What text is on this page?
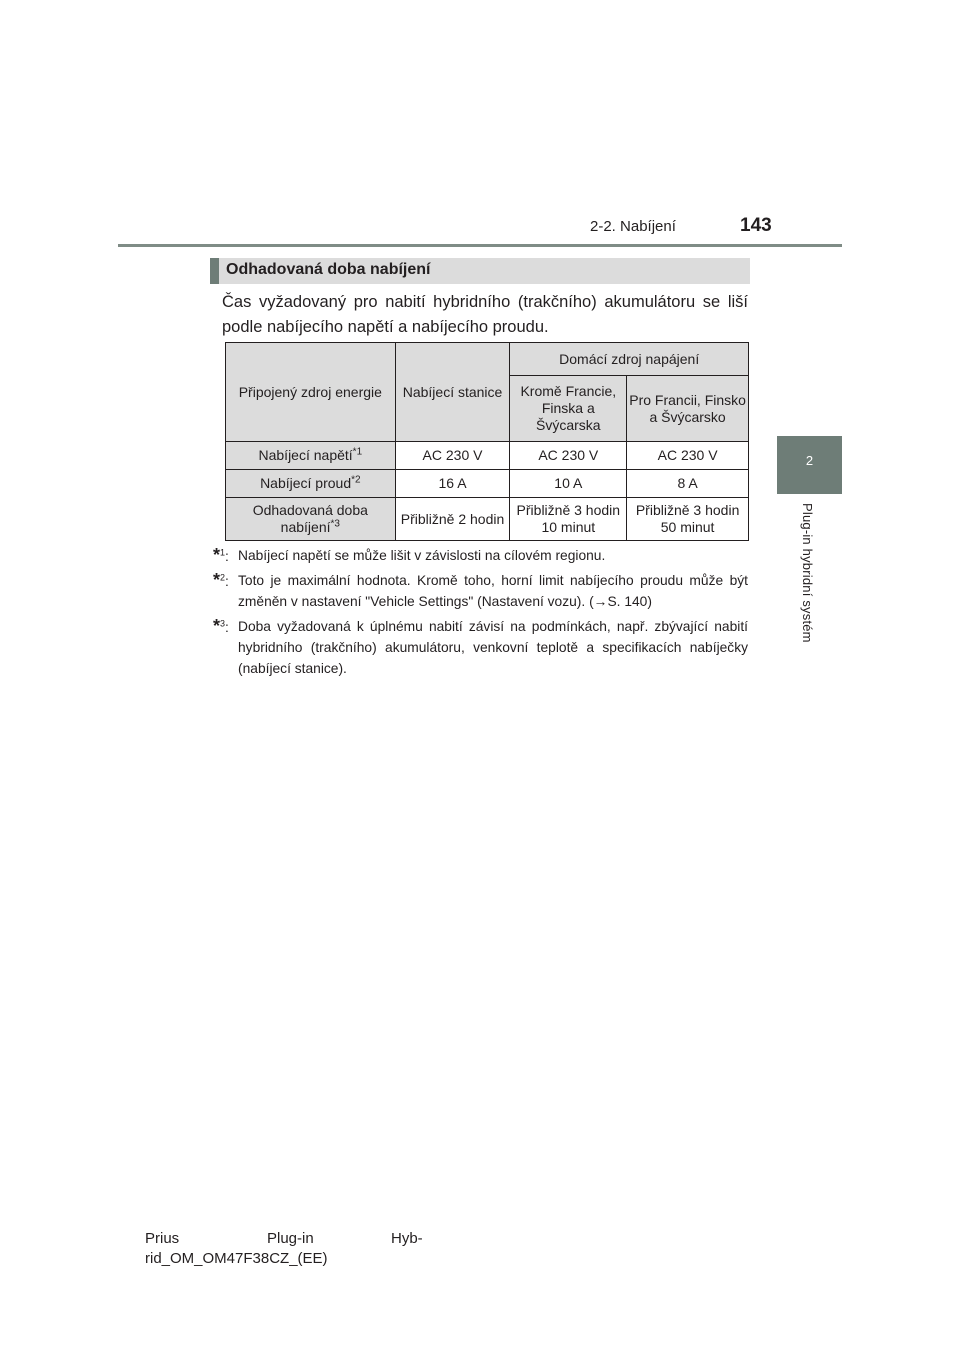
2-2. Nabíjení	143
2
Plug-in hybridní systém
Odhadovaná doba nabíjení

Čas vyžadovaný pro nabití hybridního (trakčního) akumulátoru se liší podle nabíjecího napětí a nabíjecího proudu.

Připojený zdroj energie	Nabíjecí stanice	Domácí zdroj napájení	
		Kromě Francie, Finska a Švýcarska	Pro Francii, Finsko a Švýcarsko
Nabíjecí napětí$^{*1}$	AC 230 V	AC 230 V	AC 230 V
Nabíjecí proud$^{*2}$	16 A	10 A	8 A
Odhadovaná doba nabíjení$^{*3}$	Přibližně 2 hodin	Přibližně 3 hodin 10 minut	Přibližně 3 hodin 50 minut
*$^1$: Nabíjecí napětí se může lišit v závislosti na cílovém regionu.
*$^2$: Toto je maximální hodnota. Kromě toho, horní limit nabíjecího proudu může být změněn v nastavení "Vehicle Settings" (Nastavení vozu). (→S. 140)
*$^3$: Doba vyžadovaná k úplnému nabití závisí na podmínkách, např. zbývající nabití hybridního (trakčního) akumulátoru, venkovní teplotě a specifikacích nabíječky (nabíjecí stanice).
Prius	Plug-in	Hyb-
rid_OM_OM47F38CZ_(EE)
